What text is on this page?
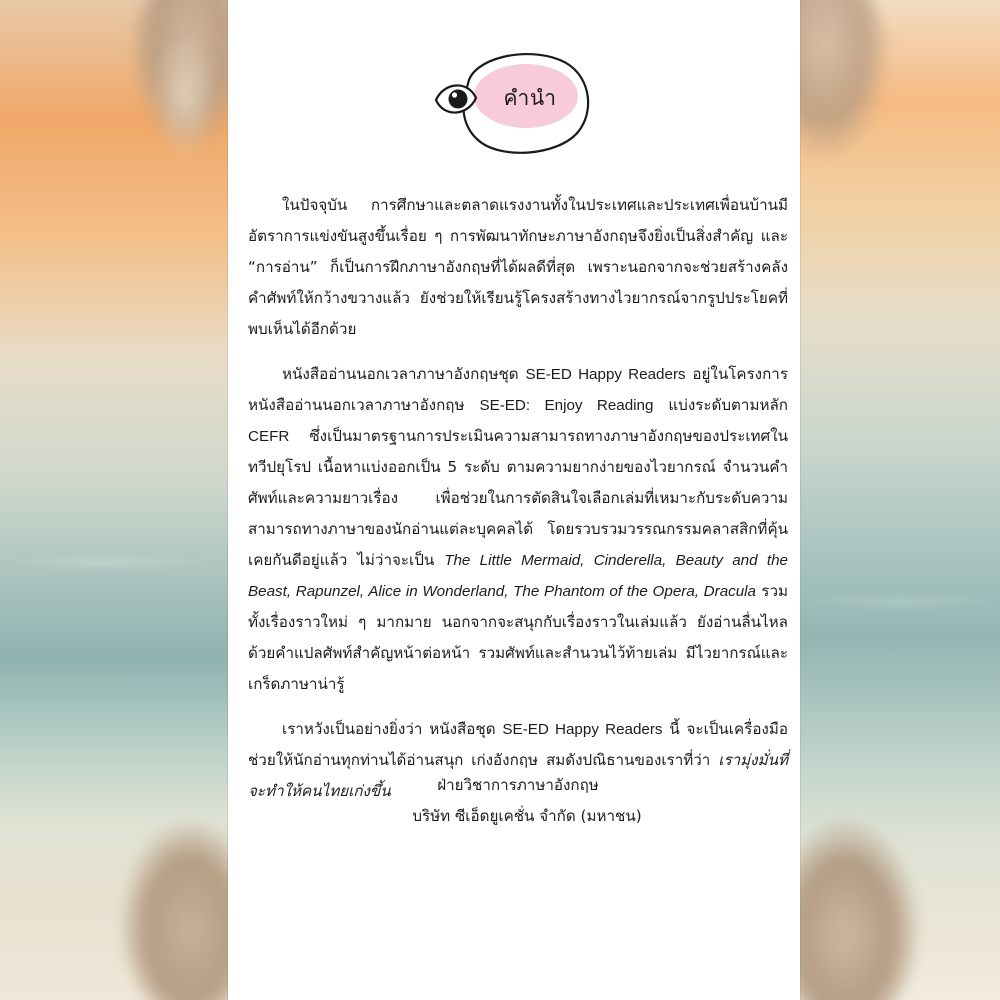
คำนำ

ในปัจจุบัน การศึกษาและตลาดแรงงานทั้งในประเทศและประเทศเพื่อนบ้านมีอัตราการแข่งขันสูงขึ้นเรื่อย ๆ การพัฒนาทักษะภาษาอังกฤษจึงยิ่งเป็นสิ่งสำคัญ และ “การอ่าน” ก็เป็นการฝึกภาษาอังกฤษที่ได้ผลดีที่สุด เพราะนอกจากจะช่วยสร้างคลังคำศัพท์ให้กว้างขวางแล้ว ยังช่วยให้เรียนรู้โครงสร้างทางไวยากรณ์จากรูปประโยคที่พบเห็นได้อีกด้วย

หนังสืออ่านนอกเวลาภาษาอังกฤษชุด SE-ED Happy Readers อยู่ในโครงการหนังสืออ่านนอกเวลาภาษาอังกฤษ SE-ED: Enjoy Reading แบ่งระดับตามหลัก CEFR ซึ่งเป็นมาตรฐานการประเมินความสามารถทางภาษาอังกฤษของประเทศในทวีปยุโรป เนื้อหาแบ่งออกเป็น 5 ระดับ ตามความยากง่ายของไวยากรณ์ จำนวนคำศัพท์และความยาวเรื่อง เพื่อช่วยในการตัดสินใจเลือกเล่มที่เหมาะกับระดับความสามารถทางภาษาของนักอ่านแต่ละบุคคลได้ โดยรวบรวมวรรณกรรมคลาสสิกที่คุ้นเคยกันดีอยู่แล้ว ไม่ว่าจะเป็น The Little Mermaid, Cinderella, Beauty and the Beast, Rapunzel, Alice in Wonderland, The Phantom of the Opera, Dracula รวมทั้งเรื่องราวใหม่ ๆ มากมาย นอกจากจะสนุกกับเรื่องราวในเล่มแล้ว ยังอ่านลื่นไหลด้วยคำแปลศัพท์สำคัญหน้าต่อหน้า รวมศัพท์และสำนวนไว้ท้ายเล่ม มีไวยากรณ์และเกร็ดภาษาน่ารู้

เราหวังเป็นอย่างยิ่งว่า หนังสือชุด SE-ED Happy Readers นี้ จะเป็นเครื่องมือช่วยให้นักอ่านทุกท่านได้อ่านสนุก เก่งอังกฤษ สมดังปณิธานของเราที่ว่า เรามุ่งมั่นที่จะทำให้คนไทยเก่งขึ้น	ฝ่ายวิชาการภาษาอังกฤษ
บริษัท ซีเอ็ดยูเคชั่น จำกัด (มหาชน)
